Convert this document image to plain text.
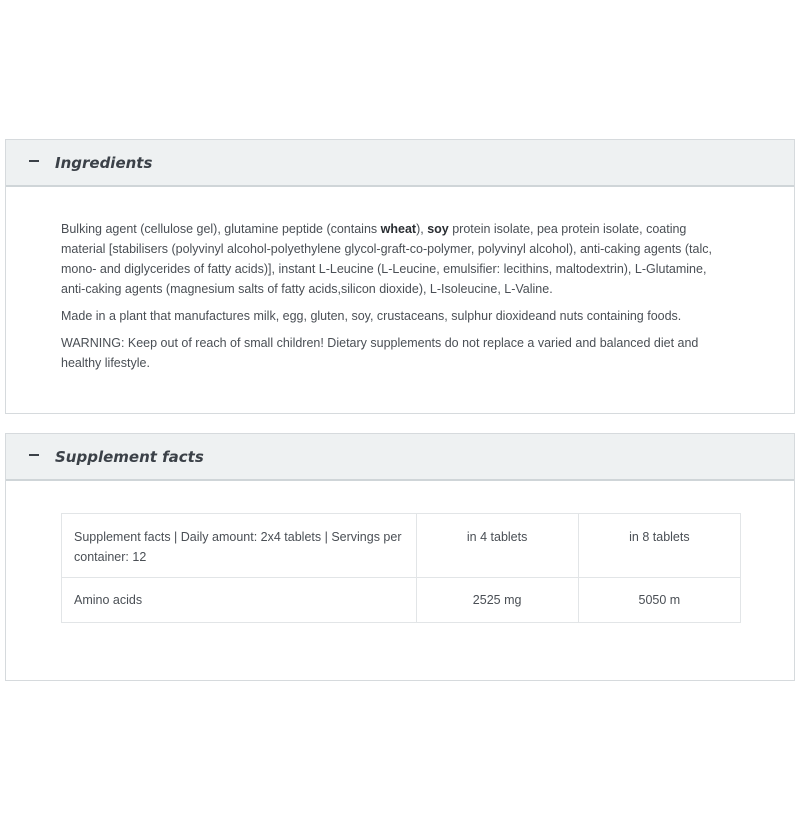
Ingredients

Bulking agent (cellulose gel), glutamine peptide (contains wheat), soy protein isolate, pea protein isolate, coating material [stabilisers (polyvinyl alcohol-polyethylene glycol-graft-co-polymer, polyvinyl alcohol), anti-caking agents (talc, mono- and diglycerides of fatty acids)], instant L-Leucine (L-Leucine, emulsifier: lecithins, maltodextrin), L-Glutamine, anti-caking agents (magnesium salts of fatty acids,silicon dioxide), L-Isoleucine, L-Valine.

Made in a plant that manufactures milk, egg, gluten, soy, crustaceans, sulphur dioxideand nuts containing foods.

WARNING: Keep out of reach of small children! Dietary supplements do not replace a varied and balanced diet and healthy lifestyle.

Supplement facts
Supplement facts | Daily amount: 2x4 tablets | Servings per container: 12	in 4 tablets	in 8 tablets
Amino acids	2525 mg	5050 m
